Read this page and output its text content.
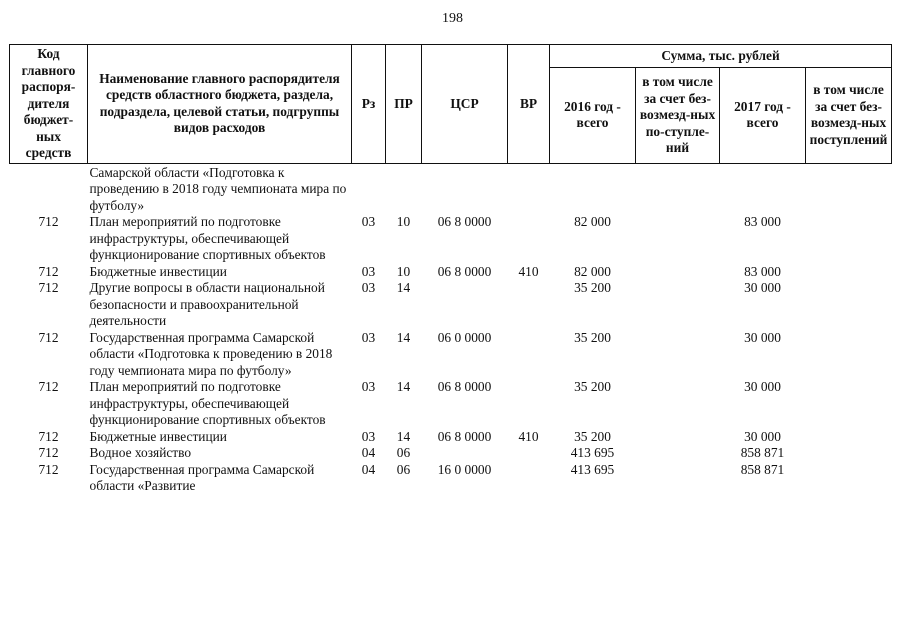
198
Код главного распоря-дителя бюджет-ных средств	Наименование главного распорядителя средств областного бюджета, раздела, подраздела, целевой статьи, подгруппы видов расходов	Рз	ПР	ЦСР	ВР	Сумма, тыс. рублей			
						2016 год - всего	в том числе за счет без-возмезд-ных по-ступле-ний	2017 год - всего	в том числе за счет без-возмезд-ных поступлений
	Самарской области «Подготовка к проведению в 2018 году чемпионата мира по футболу»								
712	План мероприятий по подготовке инфраструктуры, обеспечивающей функционирование спортивных объектов	03	10	06 8 0000		82 000		83 000	
712	Бюджетные инвестиции	03	10	06 8 0000	410	82 000		83 000	
712	Другие вопросы в области национальной безопасности и правоохранительной деятельности	03	14			35 200		30 000	
712	Государственная программа Самарской области «Подготовка к проведению в 2018 году чемпионата мира по футболу»	03	14	06 0 0000		35 200		30 000	
712	План мероприятий по подготовке инфраструктуры, обеспечивающей функционирование спортивных объектов	03	14	06 8 0000		35 200		30 000	
712	Бюджетные инвестиции	03	14	06 8 0000	410	35 200		30 000	
712	Водное хозяйство	04	06			413 695		858 871	
712	Государственная программа Самарской области «Развитие	04	06	16 0 0000		413 695		858 871	
